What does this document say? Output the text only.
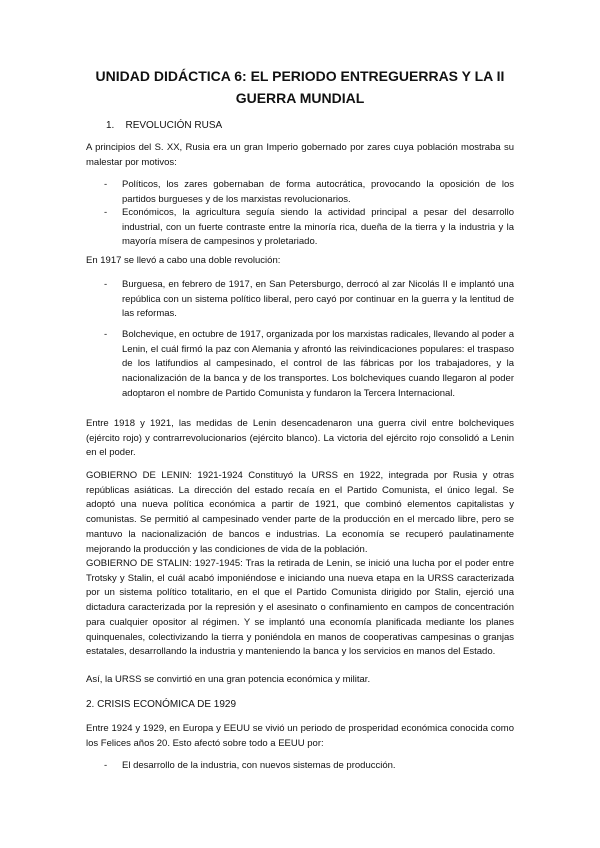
UNIDAD DIDÁCTICA 6: EL PERIODO ENTREGUERRAS Y LA II GUERRA MUNDIAL
1. REVOLUCIÓN RUSA

A principios del S. XX, Rusia era un gran Imperio gobernado por zares cuya población mostraba su malestar por motivos:

- Políticos, los zares gobernaban de forma autocrática, provocando la oposición de los partidos burgueses y de los marxistas revolucionarios.
- Económicos, la agricultura seguía siendo la actividad principal a pesar del desarrollo industrial, con un fuerte contraste entre la minoría rica, dueña de la tierra y la industria y la mayoría mísera de campesinos y proletariado.

En 1917 se llevó a cabo una doble revolución:

- Burguesa, en febrero de 1917, en San Petersburgo, derrocó al zar Nicolás II e implantó una república con un sistema político liberal, pero cayó por continuar en la guerra y la lentitud de las reformas.
- Bolchevique, en octubre de 1917, organizada por los marxistas radicales, llevando al poder a Lenin, el cuál firmó la paz con Alemania y afrontó las reivindicaciones populares: el traspaso de los latifundios al campesinado, el control de las fábricas por los trabajadores, y la nacionalización de la banca y de los transportes. Los bolcheviques cuando llegaron al poder adoptaron el nombre de Partido Comunista y fundaron la Tercera Internacional.

Entre 1918 y 1921, las medidas de Lenin desencadenaron una guerra civil entre bolcheviques (ejército rojo) y contrarrevolucionarios (ejército blanco). La victoria del ejército rojo consolidó a Lenin en el poder.

GOBIERNO DE LENIN: 1921-1924 Constituyó la URSS en 1922, integrada por Rusia y otras repúblicas asiáticas. La dirección del estado recaía en el Partido Comunista, el único legal. Se adoptó una nueva política económica a partir de 1921, que combinó elementos capitalistas y comunistas. Se permitió al campesinado vender parte de la producción en el mercado libre, pero se mantuvo la nacionalización de bancos e industrias. La economía se recuperó paulatinamente mejorando la producción y las condiciones de vida de la población.

GOBIERNO DE STALIN: 1927-1945: Tras la retirada de Lenin, se inició una lucha por el poder entre Trotsky y Stalin, el cuál acabó imponiéndose e iniciando una nueva etapa en la URSS caracterizada por un sistema político totalitario, en el que el Partido Comunista dirigido por Stalin, ejerció una dictadura caracterizada por la represión y el asesinato o confinamiento en campos de concentración para cualquier opositor al régimen. Y se implantó una economía planificada mediante los planes quinquenales, colectivizando la tierra y poniéndola en manos de cooperativas campesinas o granjas estatales, desarrollando la industria y manteniendo la banca y los servicios en manos del Estado.

Así, la URSS se convirtió en una gran potencia económica y militar.

2. CRISIS ECONÓMICA DE 1929

Entre 1924 y 1929, en Europa y EEUU se vivió un periodo de prosperidad económica conocida como los Felices años 20. Esto afectó sobre todo a EEUU por:

- El desarrollo de la industria, con nuevos sistemas de producción.
